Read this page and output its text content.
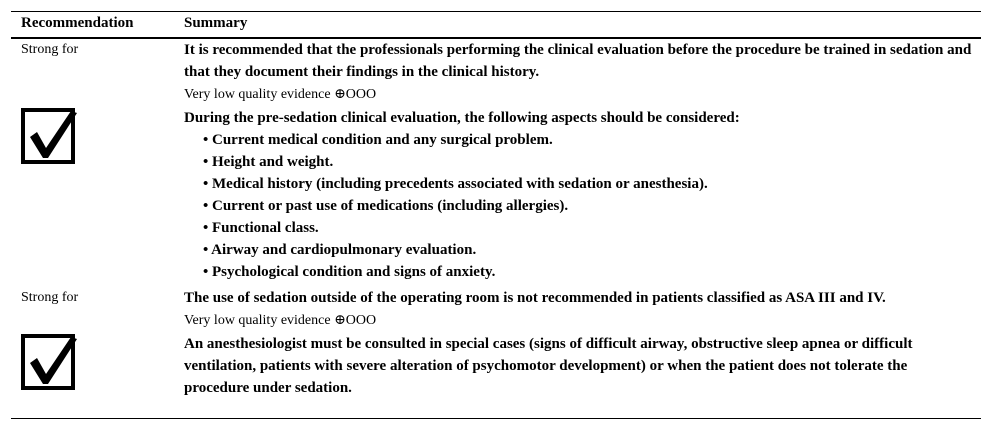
Recommendation	Summary
Strong for	It is recommended that the professionals performing the clinical evaluation before the procedure be trained in sedation and that they document their findings in the clinical history.
Very low quality evidence ⊕OOO
During the pre-sedation clinical evaluation, the following aspects should be considered:
• Current medical condition and any surgical problem.
• Height and weight.
• Medical history (including precedents associated with sedation or anesthesia).
• Current or past use of medications (including allergies).
• Functional class.
• Airway and cardiopulmonary evaluation.
• Psychological condition and signs of anxiety.
Strong for	The use of sedation outside of the operating room is not recommended in patients classified as ASA III and IV.
Very low quality evidence ⊕OOO
An anesthesiologist must be consulted in special cases (signs of difficult airway, obstructive sleep apnea or difficult ventilation, patients with severe alteration of psychomotor development) or when the patient does not tolerate the procedure under sedation.
